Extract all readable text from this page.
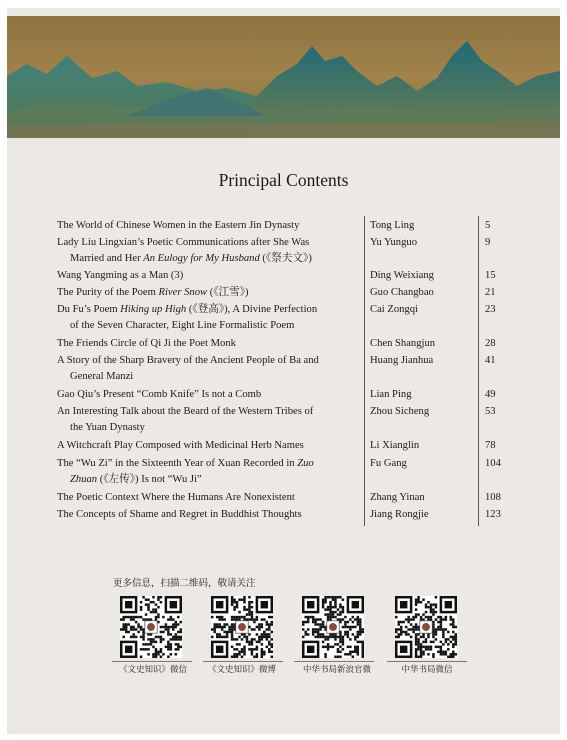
Principal Contents
The World of Chinese Women in the Eastern Jin Dynasty	Tong Ling	5
Lady Liu Lingxian’s Poetic Communications after She Was
Married and Her An Eulogy for My Husband (《祭夫文》)
Yu Yunguo	9
Wang Yangming as a Man (3)	Ding Weixiang	15
The Purity of the Poem River Snow (《江雪》)	Guo Changbao	21
Du Fu’s Poem Hiking up High (《登高》), A Divine Perfection
of the Seven Character, Eight Line Formalistic Poem
Cai Zongqi	23
The Friends Circle of Qi Ji the Poet Monk	Chen Shangjun	28
A Story of the Sharp Bravery of the Ancient People of Ba and
General Manzi
Huang Jianhua	41
Gao Qiu’s Present “Comb Knife” Is not a Comb	Lian Ping	49
An Interesting Talk about the Beard of the Western Tribes of
the Yuan Dynasty
Zhou Sicheng	53
A Witchcraft Play Composed with Medicinal Herb Names	Li Xianglin	78
The “Wu Zi” in the Sixteenth Year of Xuan Recorded in Zuo
Zhuan (《左传》) Is not “Wu Ji”
Fu Gang	104
The Poetic Context Where the Humans Are Nonexistent	Zhang Yinan	108
The Concepts of Shame and Regret in Buddhist Thoughts	Jiang Rongjie	123
更多信息，扫描二维码，敬请关注
《文史知识》微信	《文史知识》微博	中华书局新浪官微	中华书局微信
